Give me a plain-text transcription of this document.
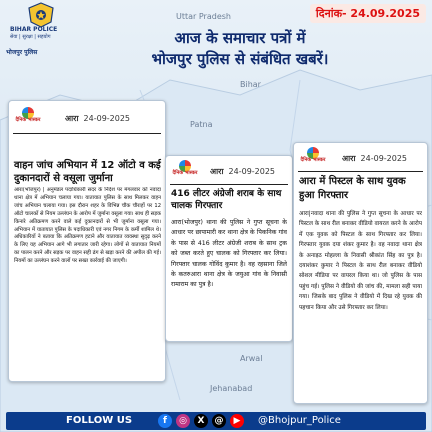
Uttar Pradesh
Bihar
Arwal
Jehanabad
Patna
BIHAR POLICE
सेवा | सुरक्षा | सहयोग
भोजपुर पुलिस
दिनांक- 24.09.2025
आज के समाचार पत्रों में
भोजपुर पुलिस से संबंधित खबरें।
दैनिक भास्कर	आरा 24-09-2025
वाहन जांच अभियान में 12 ऑटो व कई दुकानदारों से वसूला जुर्माना
आरा(भोजपुर) | अनुमंडल पदाधिकारी सदर के निर्देश पर मंगलवार को नवादा थाना क्षेत्र में अभियान चलाया गया। यातायात पुलिस के साथ मिलकर वाहन जांच अभियान चलाया गया। इस दौरान शहर के विभिन्न चौक चौराहों पर 12 ऑटो चालकों से नियम उल्लंघन के आरोप में जुर्माना वसूला गया। साथ ही सड़क किनारे अतिक्रमण करने वाले कई दुकानदारों से भी जुर्माना वसूला गया। अभियान में यातायात पुलिस के पदाधिकारी एवं नगर निगम के कर्मी शामिल थे। अधिकारियों ने बताया कि अतिक्रमण हटाने और यातायात व्यवस्था सुदृढ़ करने के लिए यह अभियान आगे भी लगातार जारी रहेगा। लोगों से यातायात नियमों का पालन करने और सड़क पर वाहन सही ढंग से खड़ा करने की अपील की गई। नियमों का उल्लंघन करने वालों पर सख्त कार्रवाई की जाएगी।
दैनिक भास्कर आरा 24-09-2025
416 लीटर अंग्रेजी शराब के साथ चालक गिरफ्तार
आरा(भोजपुर) थाना की पुलिस ने गुप्त सूचना के आधार पर छापामारी कर थाना क्षेत्र के पिकनिक गांव के पास से 416 लीटर अंग्रेजी शराब के साथ ट्रक को जब्त करते हुए चालक को गिरफ्तार कर लिया। गिरफ्तार चालक गोविंद कुमार है। वह रहसाना जिले के कतरुआरा थाना क्षेत्र के जयुआ गांव के निवासी रामाराम का पुत्र है।
दैनिक भास्कर आरा 24-09-2025
आरा में पिस्टल के साथ युवक हुआ गिरफ्तार
आरा|नवादा थाना की पुलिस ने गुप्त सूचना के आधार पर पिस्टल के साथ रील बनाकर वीडियो वायरल करने के आरोप में एक युवक को पिस्टल के साथ गिरफ्तार कर लिया। गिरफ्तार युवक दया शंकर कुमार है। वह नवादा थाना क्षेत्र के अनाइठ मोहल्ला के निवासी श्रीकांत सिंह का पुत्र है। दयाशंकर कुमार ने पिस्टल के साथ रील बनाकर वीडियो सोशल मीडिया पर वायरल किया था। जो पुलिस के पास पहुंच गई। पुलिस ने वीडियो की जांच की, मामला सही पाया गया। जिसके बाद पुलिस ने वीडियो में दिख रहे युवक की पहचान किया और उसे गिरफ्तार कर लिया।
FOLLOW US	f	◎	X	@	▶	@Bhojpur_Police
